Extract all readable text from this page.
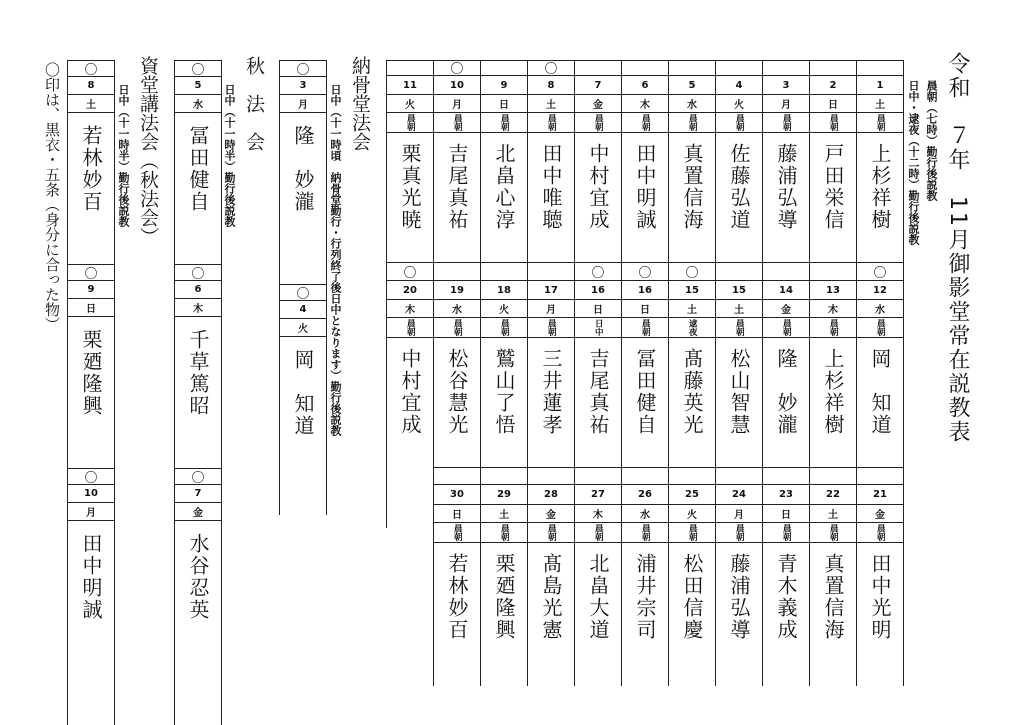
令和　７年　11月御影堂常在説教表
晨朝（七時）勤行後説教
日中・逮夜（十二時）勤行後説教
1
土
晨朝
上杉祥樹
2
日
晨朝
戸田栄信
3
月
晨朝
藤浦弘導
4
火
晨朝
佐藤弘道
5
水
晨朝
真置信海
6
木
晨朝
田中明誠
7
金
晨朝
中村宜成
〇
8
土
晨朝
田中唯聴
9
日
晨朝
北畠心淳
〇
10
月
晨朝
吉尾真祐
11
火
晨朝
栗真光暁
〇
12
水
晨朝
岡　知道
13
木
晨朝
上杉祥樹
14
金
晨朝
隆　妙瀧
15
土
晨朝
松山智慧
〇
15
土
逮夜
髙藤英光
〇
16
日
晨朝
冨田健自
〇
16
日
日中
吉尾真祐
17
月
晨朝
三井蓮孝
18
火
晨朝
鷲山了悟
19
水
晨朝
松谷慧光
〇
20
木
晨朝
中村宜成
21
金
晨朝
田中光明
22
土
晨朝
真置信海
23
日
晨朝
青木義成
24
月
晨朝
藤浦弘導
25
火
晨朝
松田信慶
26
水
晨朝
浦井宗司
27
木
晨朝
北畠大道
28
金
晨朝
髙島光憲
29
土
晨朝
栗廼隆興
30
日
晨朝
若林妙百
納骨堂法会
日中（十一時頃　納骨堂勤行・行列終了後日中となります）勤行後説教
秋　法　会
日中（十一時半）勤行後説教
資堂講法会（秋法会）
日中（十一時半）勤行後説教
〇印は、黒衣・五条（身分に合った物）	〇
3
月
隆　妙瀧
〇
4
火
岡　知道
〇
5
水
冨田健自
〇
6
木
千草篤昭
〇
7
金
水谷忍英
〇
8
土
若林妙百
〇
9
日
栗廼隆興
〇
10
月
田中明誠
